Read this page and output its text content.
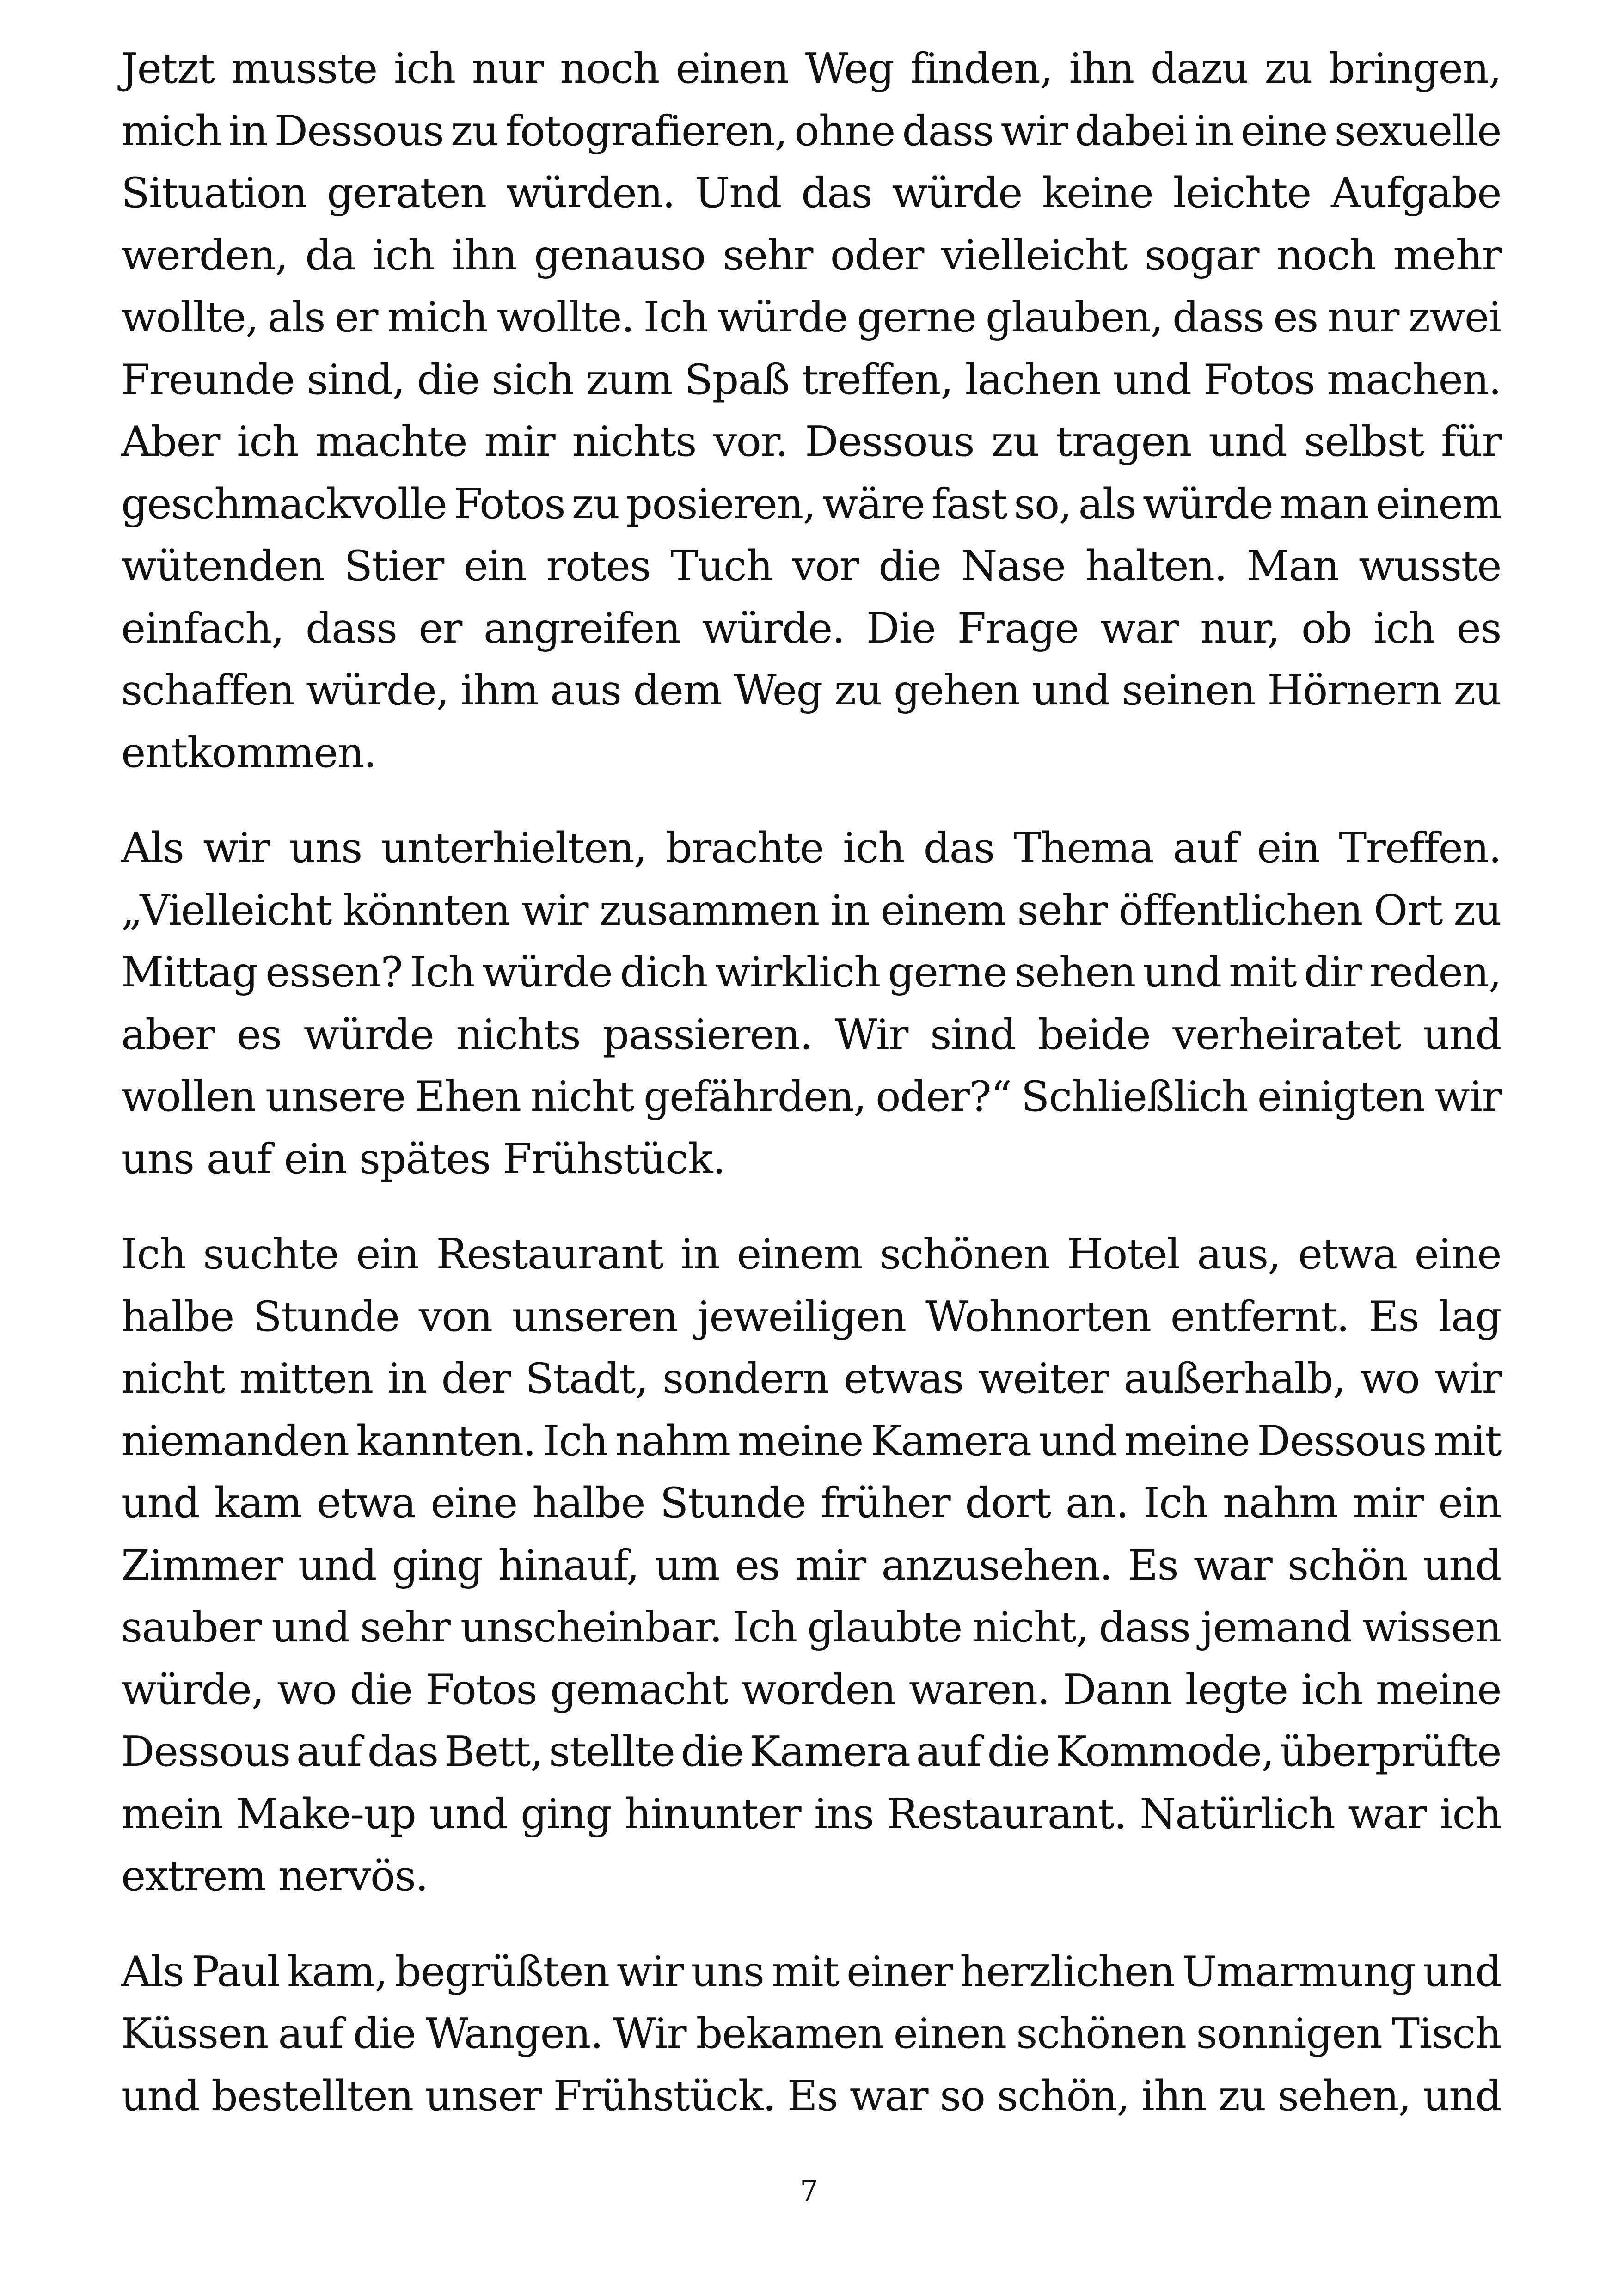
Jetzt musste ich nur noch einen Weg finden, ihn dazu zu bringen,
mich in Dessous zu fotografieren, ohne dass wir dabei in eine sexuelle
Situation geraten würden. Und das würde keine leichte Aufgabe
werden, da ich ihn genauso sehr oder vielleicht sogar noch mehr
wollte, als er mich wollte. Ich würde gerne glauben, dass es nur zwei
Freunde sind, die sich zum Spaß treffen, lachen und Fotos machen.
Aber ich machte mir nichts vor. Dessous zu tragen und selbst für
geschmackvolle Fotos zu posieren, wäre fast so, als würde man einem
wütenden Stier ein rotes Tuch vor die Nase halten. Man wusste
einfach, dass er angreifen würde. Die Frage war nur, ob ich es
schaffen würde, ihm aus dem Weg zu gehen und seinen Hörnern zu
entkommen.

Als wir uns unterhielten, brachte ich das Thema auf ein Treffen.
„Vielleicht könnten wir zusammen in einem sehr öffentlichen Ort zu
Mittag essen? Ich würde dich wirklich gerne sehen und mit dir reden,
aber es würde nichts passieren. Wir sind beide verheiratet und
wollen unsere Ehen nicht gefährden, oder?“ Schließlich einigten wir
uns auf ein spätes Frühstück.

Ich suchte ein Restaurant in einem schönen Hotel aus, etwa eine
halbe Stunde von unseren jeweiligen Wohnorten entfernt. Es lag
nicht mitten in der Stadt, sondern etwas weiter außerhalb, wo wir
niemanden kannten. Ich nahm meine Kamera und meine Dessous mit
und kam etwa eine halbe Stunde früher dort an. Ich nahm mir ein
Zimmer und ging hinauf, um es mir anzusehen. Es war schön und
sauber und sehr unscheinbar. Ich glaubte nicht, dass jemand wissen
würde, wo die Fotos gemacht worden waren. Dann legte ich meine
Dessous auf das Bett, stellte die Kamera auf die Kommode, überprüfte
mein Make-up und ging hinunter ins Restaurant. Natürlich war ich
extrem nervös.

Als Paul kam, begrüßten wir uns mit einer herzlichen Umarmung und
Küssen auf die Wangen. Wir bekamen einen schönen sonnigen Tisch
und bestellten unser Frühstück. Es war so schön, ihn zu sehen, und

7
